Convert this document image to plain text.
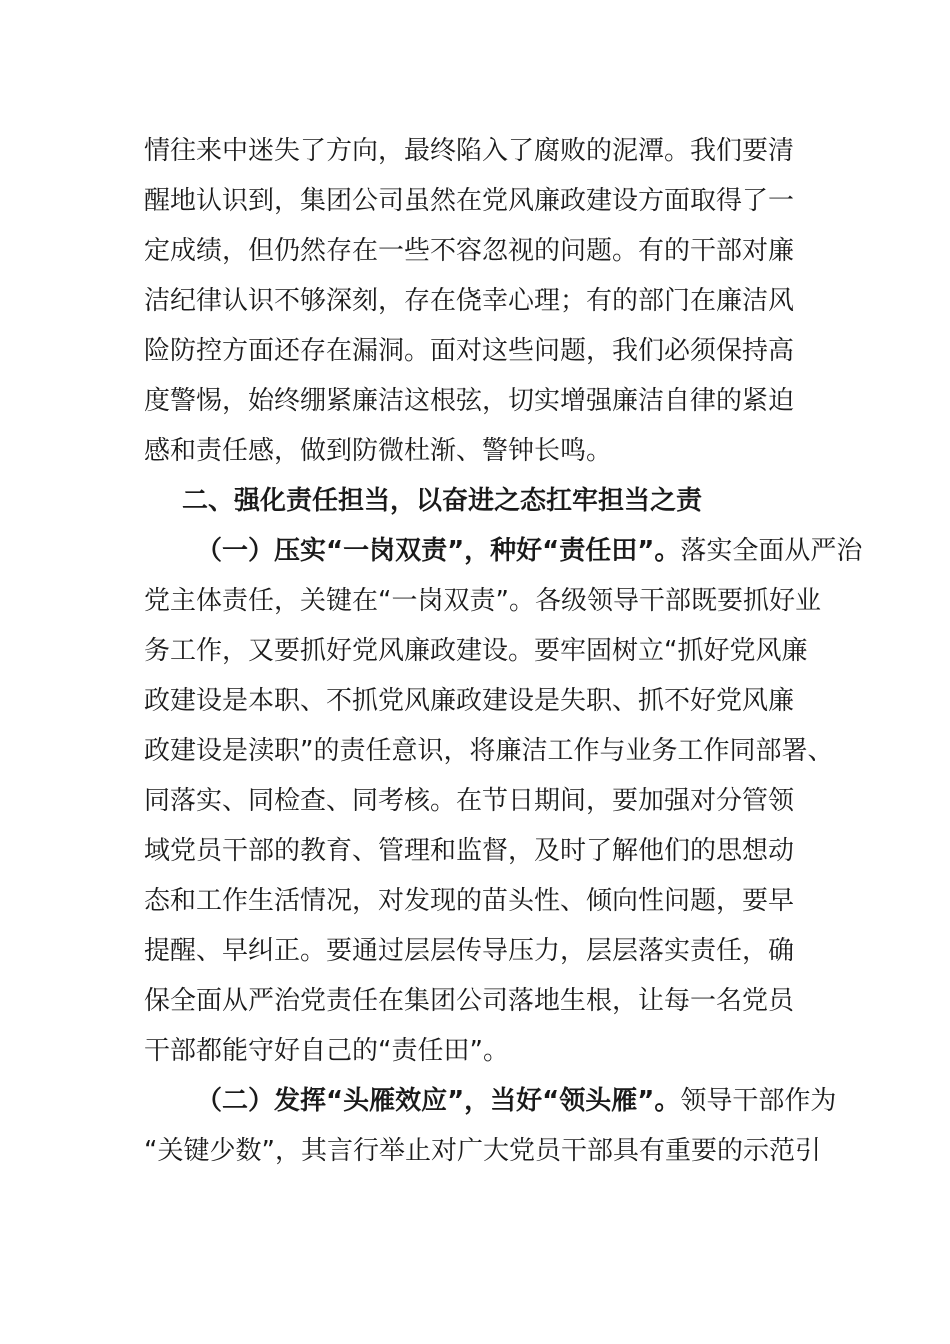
情往来中迷失了方向，最终陷入了腐败的泥潭。我们要清
醒地认识到，集团公司虽然在党风廉政建设方面取得了一
定成绩，但仍然存在一些不容忽视的问题。有的干部对廉
洁纪律认识不够深刻，存在侥幸心理；有的部门在廉洁风
险防控方面还存在漏洞。面对这些问题，我们必须保持高
度警惕，始终绷紧廉洁这根弦，切实增强廉洁自律的紧迫
感和责任感，做到防微杜渐、警钟长鸣。
二、强化责任担当，以奋进之态扛牢担当之责
（一）压实“一岗双责”，种好“责任田”。落实全面从严治
党主体责任，关键在“一岗双责”。各级领导干部既要抓好业
务工作，又要抓好党风廉政建设。要牢固树立“抓好党风廉
政建设是本职、不抓党风廉政建设是失职、抓不好党风廉
政建设是渎职”的责任意识，将廉洁工作与业务工作同部署、
同落实、同检查、同考核。在节日期间，要加强对分管领
域党员干部的教育、管理和监督，及时了解他们的思想动
态和工作生活情况，对发现的苗头性、倾向性问题，要早
提醒、早纠正。要通过层层传导压力，层层落实责任，确
保全面从严治党责任在集团公司落地生根，让每一名党员
干部都能守好自己的“责任田”。
（二）发挥“头雁效应”，当好“领头雁”。领导干部作为
“关键少数”，其言行举止对广大党员干部具有重要的示范引
